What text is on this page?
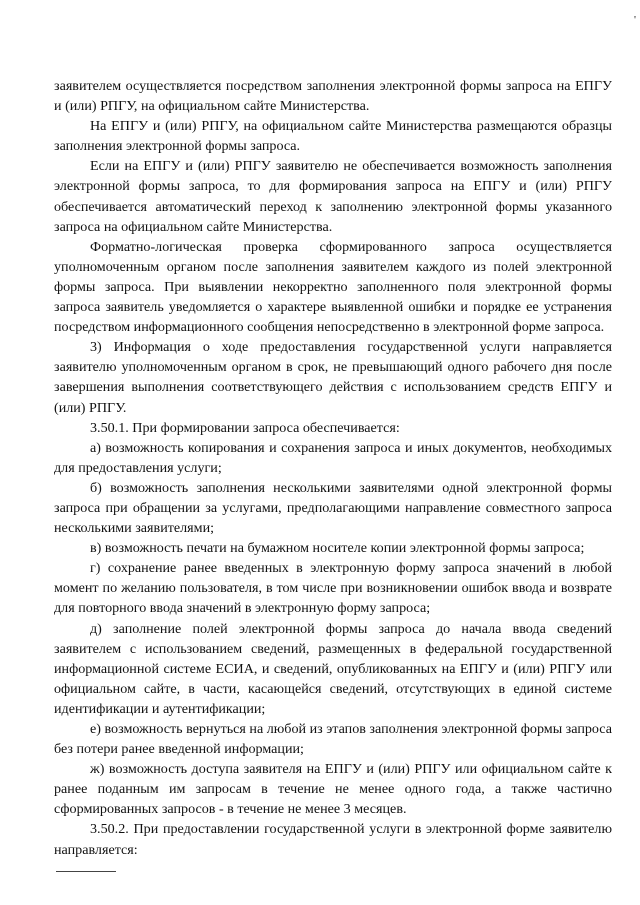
'

заявителем осуществляется посредством заполнения электронной формы запроса на ЕПГУ и (или) РПГУ, на официальном сайте Министерства.

На ЕПГУ и (или) РПГУ, на официальном сайте Министерства размещаются образцы заполнения электронной формы запроса.

Если на ЕПГУ и (или) РПГУ заявителю не обеспечивается возможность заполнения электронной формы запроса, то для формирования запроса на ЕПГУ и (или) РПГУ обеспечивается автоматический переход к заполнению электронной формы указанного запроса на официальном сайте Министерства.

Форматно-логическая проверка сформированного запроса осуществляется уполномоченным органом после заполнения заявителем каждого из полей электронной формы запроса. При выявлении некорректно заполненного поля электронной формы запроса заявитель уведомляется о характере выявленной ошибки и порядке ее устранения посредством информационного сообщения непосредственно в электронной форме запроса.

3) Информация о ходе предоставления государственной услуги направляется заявителю уполномоченным органом в срок, не превышающий одного рабочего дня после завершения выполнения соответствующего действия с использованием средств ЕПГУ и (или) РПГУ.

3.50.1. При формировании запроса обеспечивается:

а) возможность копирования и сохранения запроса и иных документов, необходимых для предоставления услуги;

б) возможность заполнения несколькими заявителями одной электронной формы запроса при обращении за услугами, предполагающими направление совместного запроса несколькими заявителями;

в) возможность печати на бумажном носителе копии электронной формы запроса;

г) сохранение ранее введенных в электронную форму запроса значений в любой момент по желанию пользователя, в том числе при возникновении ошибок ввода и возврате для повторного ввода значений в электронную форму запроса;

д) заполнение полей электронной формы запроса до начала ввода сведений заявителем с использованием сведений, размещенных в федеральной государственной информационной системе ЕСИА, и сведений, опубликованных на ЕПГУ и (или) РПГУ или официальном сайте, в части, касающейся сведений, отсутствующих в единой системе идентификации и аутентификации;

е) возможность вернуться на любой из этапов заполнения электронной формы запроса без потери ранее введенной информации;

ж) возможность доступа заявителя на ЕПГУ и (или) РПГУ или официальном сайте к ранее поданным им запросам в течение не менее одного года, а также частично сформированных запросов - в течение не менее 3 месяцев.

3.50.2. При предоставлении государственной услуги в электронной форме заявителю направляется:
